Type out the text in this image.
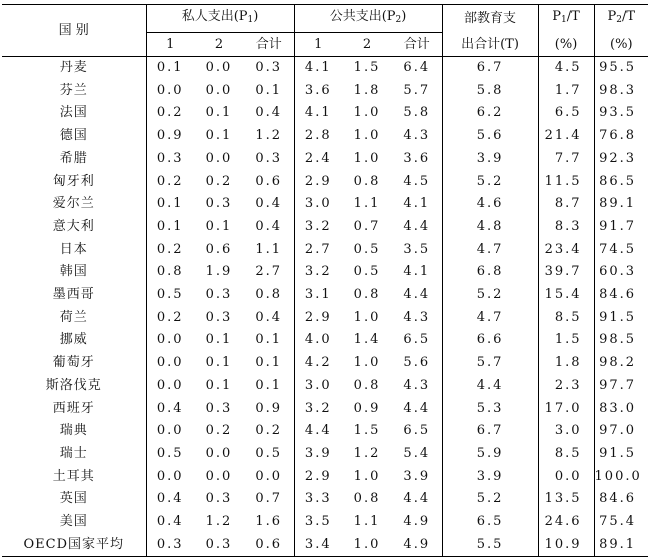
国 别	私人支出$(P_1)$			公共支出$(P_2)$			部教育支	$P_1/T$	$P_2/T$
	1	2	合计	1	2	合计	出合计(T)	(%)	(%)
丹麦	0.1	0.0	0.3	4.1	1.5	6.4	6.7	4.5	95.5
芬兰	0.0	0.0	0.1	3.6	1.8	5.7	5.8	1.7	98.3
法国	0.2	0.1	0.4	4.1	1.0	5.8	6.2	6.5	93.5
德国	0.9	0.1	1.2	2.8	1.0	4.3	5.6	21.4	76.8
希腊	0.3	0.0	0.3	2.4	1.0	3.6	3.9	7.7	92.3
匈牙利	0.2	0.2	0.6	2.9	0.8	4.5	5.2	11.5	86.5
爱尔兰	0.1	0.3	0.4	3.0	1.1	4.1	4.6	8.7	89.1
意大利	0.1	0.1	0.4	3.2	0.7	4.4	4.8	8.3	91.7
日本	0.2	0.6	1.1	2.7	0.5	3.5	4.7	23.4	74.5
韩国	0.8	1.9	2.7	3.2	0.5	4.1	6.8	39.7	60.3
墨西哥	0.5	0.3	0.8	3.1	0.8	4.4	5.2	15.4	84.6
荷兰	0.2	0.3	0.4	2.9	1.0	4.3	4.7	8.5	91.5
挪威	0.0	0.1	0.1	4.0	1.4	6.5	6.6	1.5	98.5
葡萄牙	0.0	0.1	0.1	4.2	1.0	5.6	5.7	1.8	98.2
斯洛伐克	0.0	0.1	0.1	3.0	0.8	4.3	4.4	2.3	97.7
西班牙	0.4	0.3	0.9	3.2	0.9	4.4	5.3	17.0	83.0
瑞典	0.0	0.2	0.2	4.4	1.5	6.5	6.7	3.0	97.0
瑞士	0.5	0.0	0.5	3.9	1.2	5.4	5.9	8.5	91.5
土耳其	0.0	0.0	0.0	2.9	1.0	3.9	3.9	0.0	100.0
英国	0.4	0.3	0.7	3.3	0.8	4.4	5.2	13.5	84.6
美国	0.4	1.2	1.6	3.5	1.1	4.9	6.5	24.6	75.4
OECD国家平均	0.3	0.3	0.6	3.4	1.0	4.9	5.5	10.9	89.1
